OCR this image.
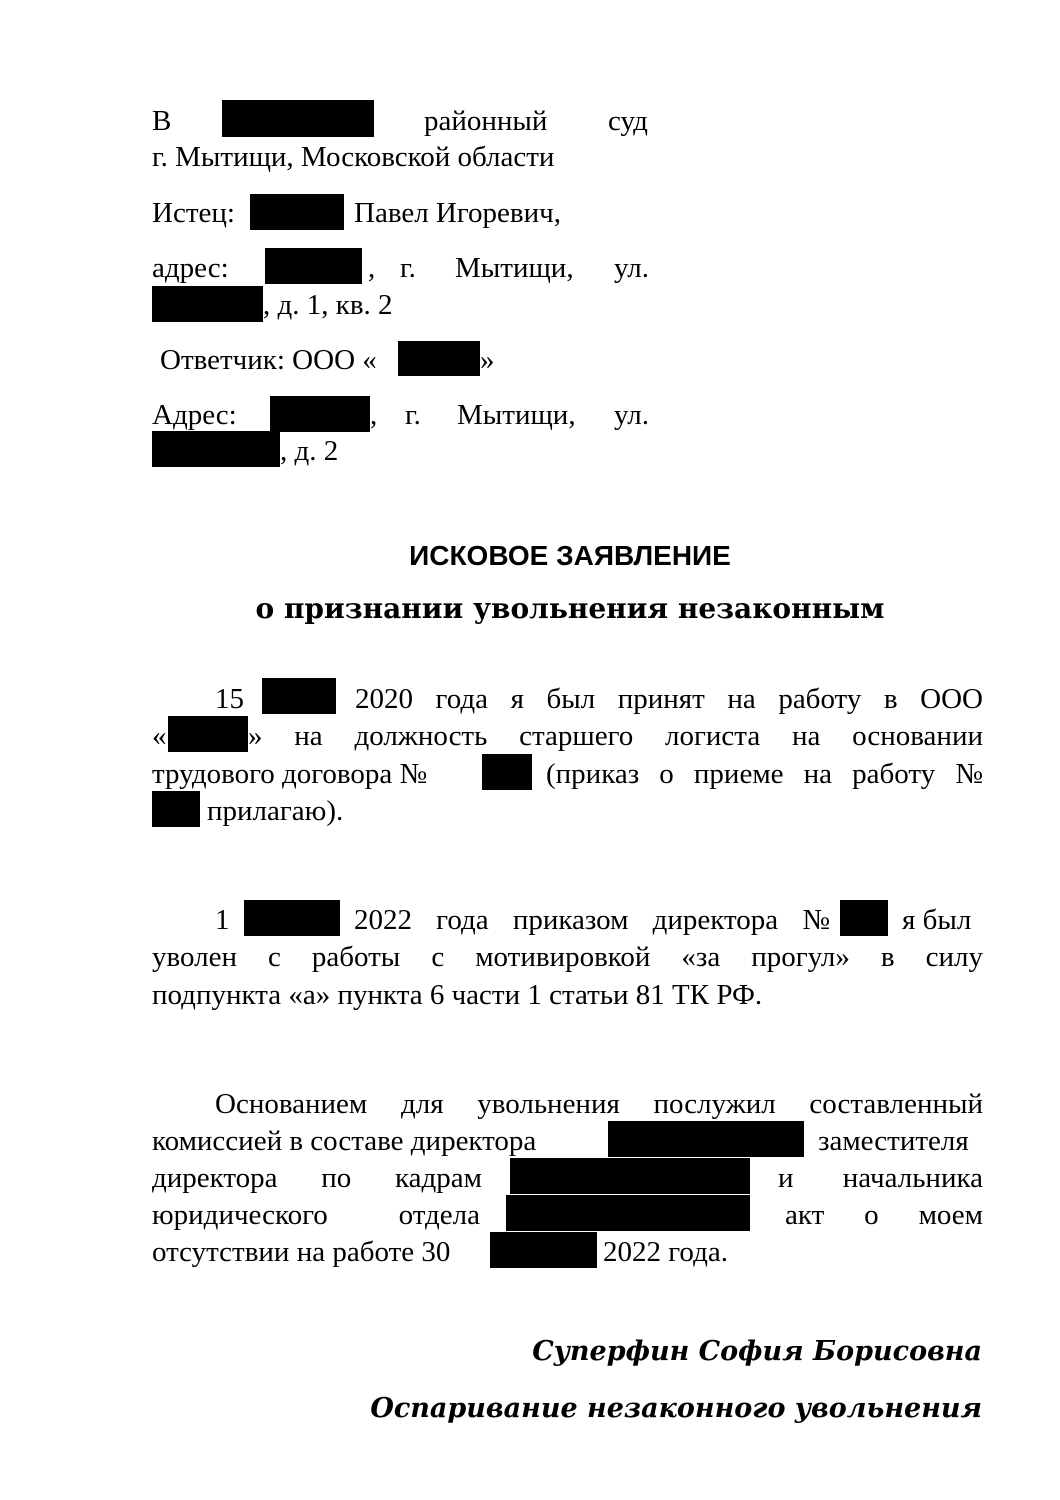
В	районный суд
г. Мытищи, Московской области
Истец:	Павел Игоревич,
адрес:	, г. Мытищи, ул.
, д. 1, кв. 2
Ответчик: ООО «	»
Адрес:	, г. Мытищи, ул.
, д. 2
ИСКОВОЕ ЗАЯВЛЕНИЕ
о признании увольнения незаконным
15	2020 года я был принят на работу в ООО
«	» на должность старшего логиста на основании
трудового договора №	(приказ о приеме на работу №
прилагаю).
1	2022 года приказом директора № я был
уволен с работы с мотивировкой «за прогул» в силу
подпункта «а» пункта 6 части 1 статьи 81 ТК РФ.
Основанием для увольнения послужил составленный
комиссией в составе директора	заместителя
директора по кадрам	и начальника
юридического отдела	акт о моем
отсутствии на работе 30	2022 года.
Суперфин София Борисовна
Оспаривание незаконного увольнения
